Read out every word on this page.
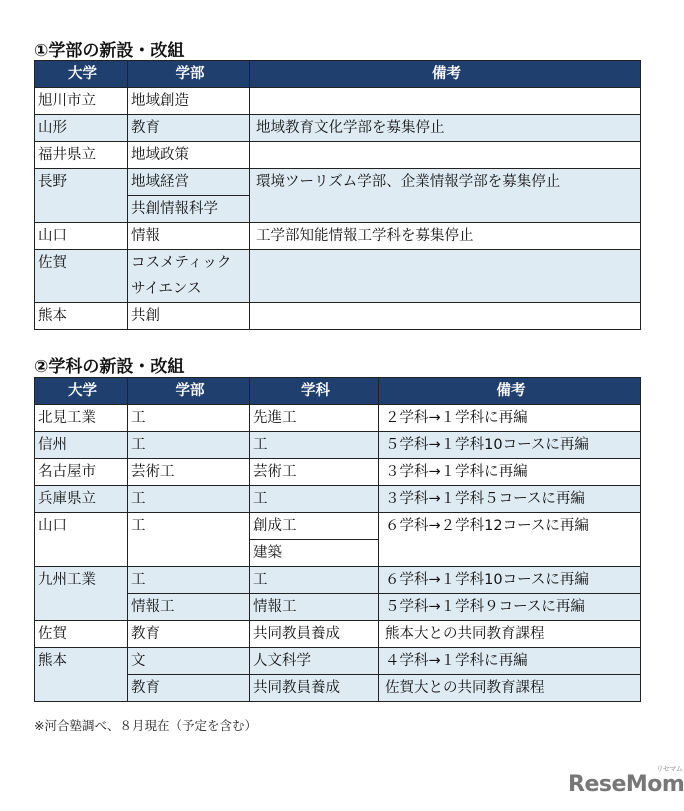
①学部の新設・改組
大学	学部	備考
旭川市立	地域創造	
山形	教育	地域教育文化学部を募集停止
福井県立	地域政策	
長野	地域経営	環境ツーリズム学部、企業情報学部を募集停止
	共創情報科学	
山口	情報	工学部知能情報工学科を募集停止
佐賀	コスメティック
サイエンス	
熊本	共創	
②学科の新設・改組
大学	学部	学科	備考
北見工業	工	先進工	２学科→１学科に再編
信州	工	工	５学科→１学科10コースに再編
名古屋市	芸術工	芸術工	３学科→１学科に再編
兵庫県立	工	工	３学科→１学科５コースに再編
山口	工	創成工	６学科→２学科12コースに再編
		建築	
九州工業	工	工	６学科→１学科10コースに再編
	情報工	情報工	５学科→１学科９コースに再編
佐賀	教育	共同教員養成	熊本大との共同教育課程
熊本	文	人文科学	４学科→１学科に再編
	教育	共同教員養成	佐賀大との共同教育課程
※河合塾調べ、８月現在（予定を含む）
ReseMom
リセマム
